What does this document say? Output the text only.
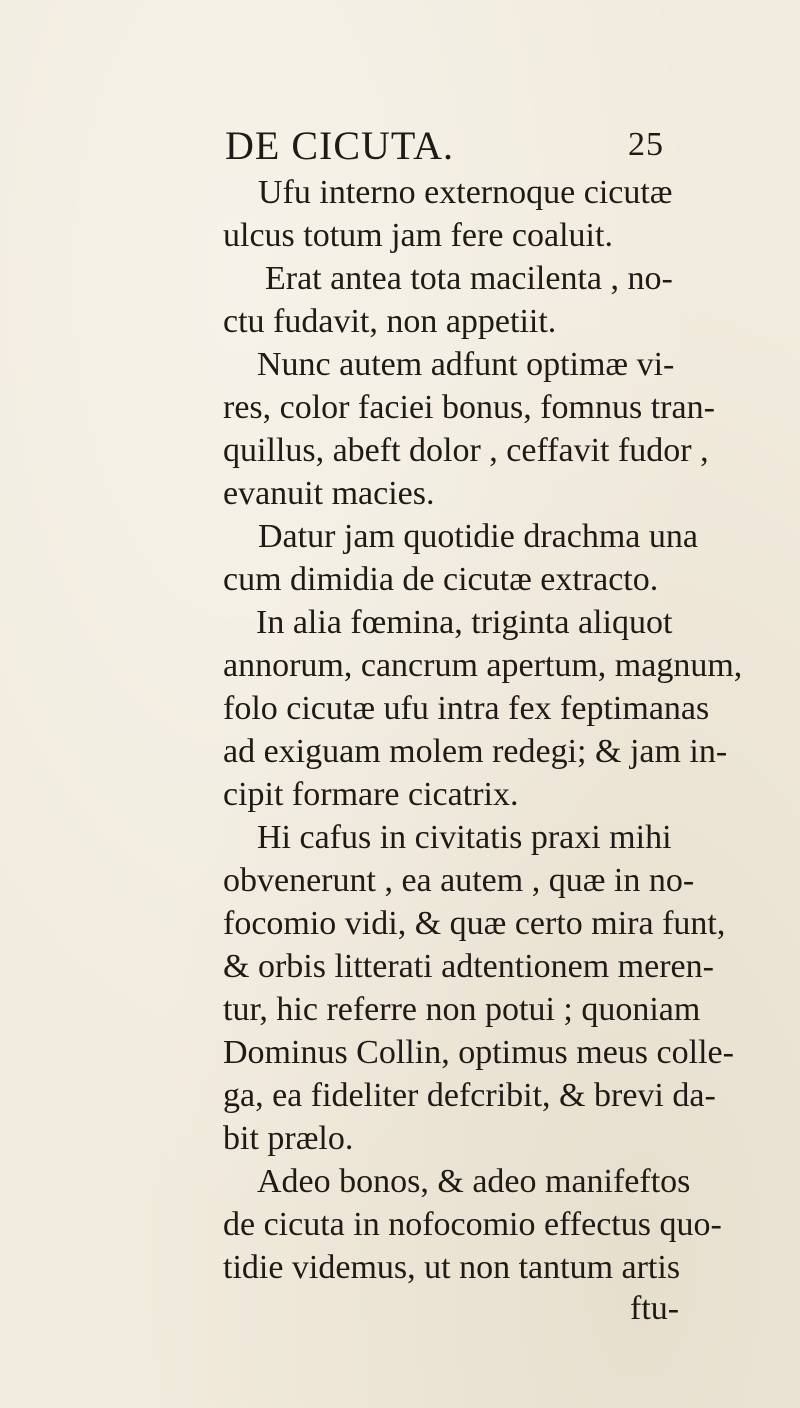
DE CICUTA.	25
Ufu interno externoque cicutæ
ulcus totum jam fere coaluit.
Erat antea tota macilenta , no-
ctu fudavit, non appetiit.
Nunc autem adfunt optimæ vi-
res, color faciei bonus, fomnus tran-
quillus, abeft dolor , ceffavit fudor ,
evanuit macies.
Datur jam quotidie drachma una
cum dimidia de cicutæ extracto.
In alia fœmina, triginta aliquot
annorum, cancrum apertum, magnum,
folo cicutæ ufu intra fex feptimanas
ad exiguam molem redegi; & jam in-
cipit formare cicatrix.
Hi cafus in civitatis praxi mihi
obvenerunt , ea autem , quæ in no-
focomio vidi, & quæ certo mira funt,
& orbis litterati adtentionem meren-
tur, hic referre non potui ; quoniam
Dominus Collin, optimus meus colle-
ga, ea fideliter defcribit, & brevi da-
bit prælo.
Adeo bonos, & adeo manifeftos
de cicuta in nofocomio effectus quo-
tidie videmus, ut non tantum artis
ftu-
